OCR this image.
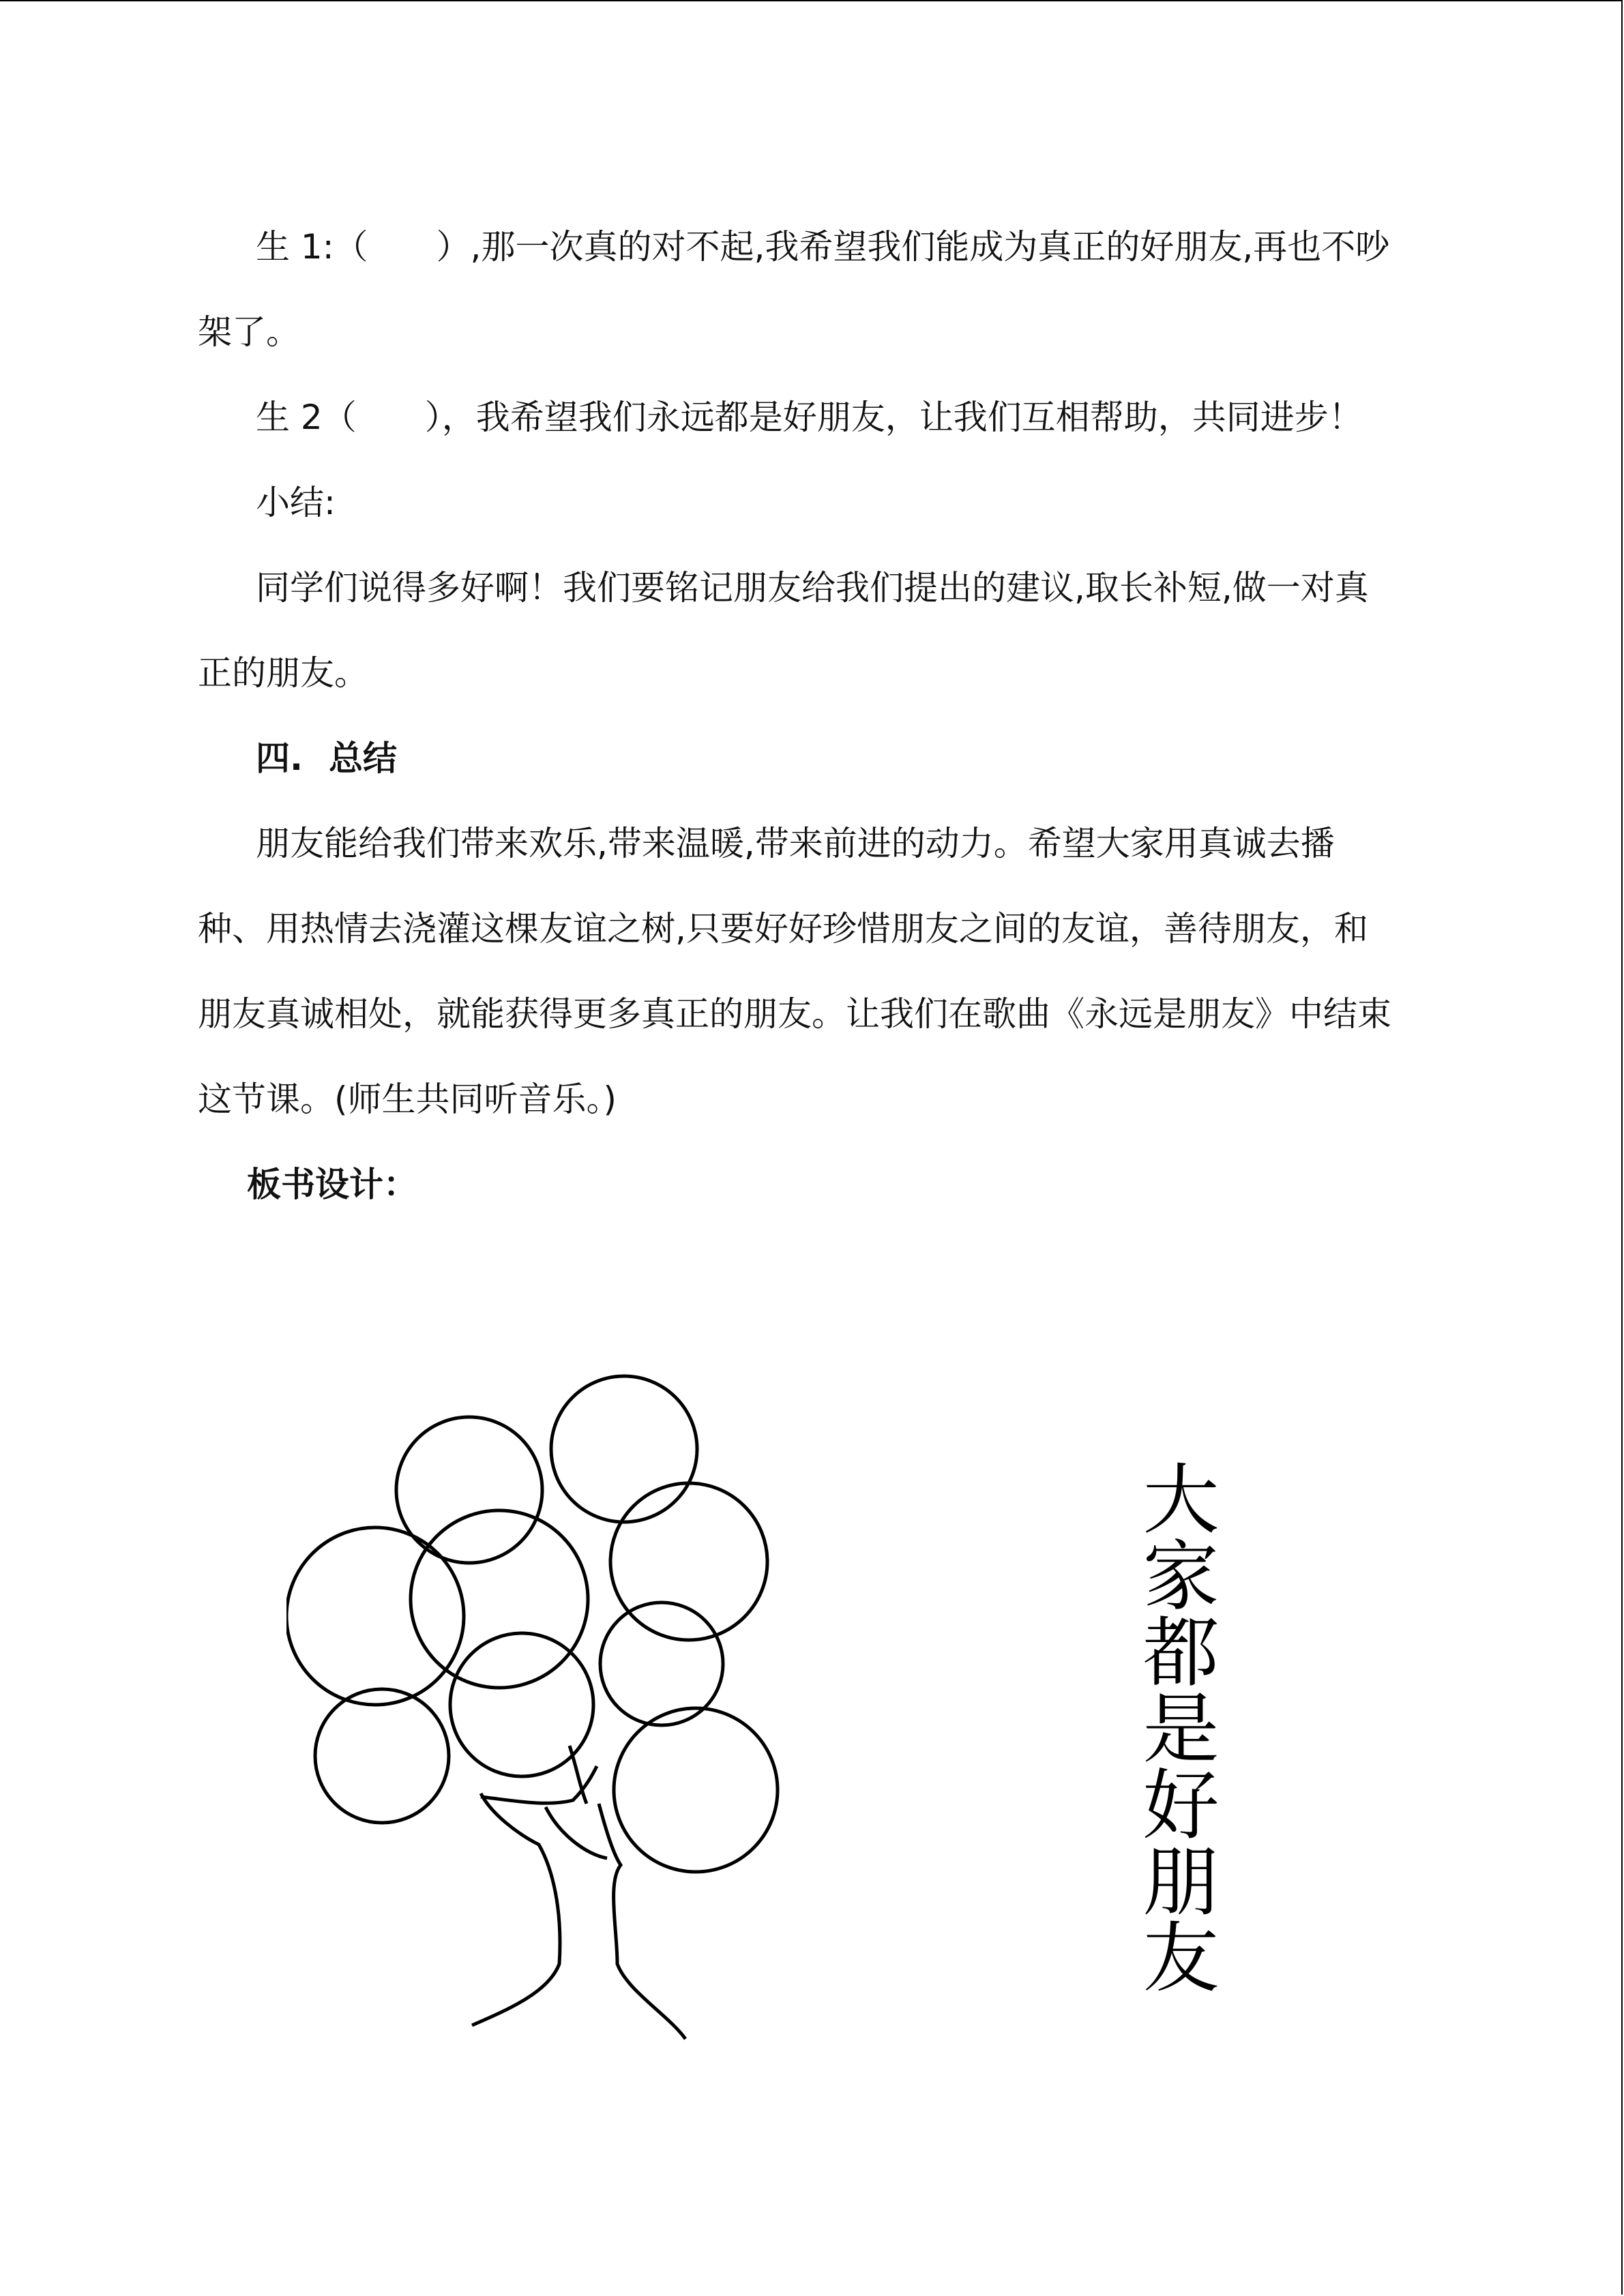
生 1:（　　）,那一次真的对不起,我希望我们能成为真正的好朋友,再也不吵架了。

生 2（　　），我希望我们永远都是好朋友，让我们互相帮助，共同进步！

小结:

同学们说得多好啊！我们要铭记朋友给我们提出的建议,取长补短,做一对真正的朋友。

四. 总结

朋友能给我们带来欢乐,带来温暖,带来前进的动力。希望大家用真诚去播种、用热情去浇灌这棵友谊之树,只要好好珍惜朋友之间的友谊，善待朋友，和朋友真诚相处，就能获得更多真正的朋友。让我们在歌曲《永远是朋友》中结束这节课。(师生共同听音乐。)

板书设计：

大家都是好朋友
